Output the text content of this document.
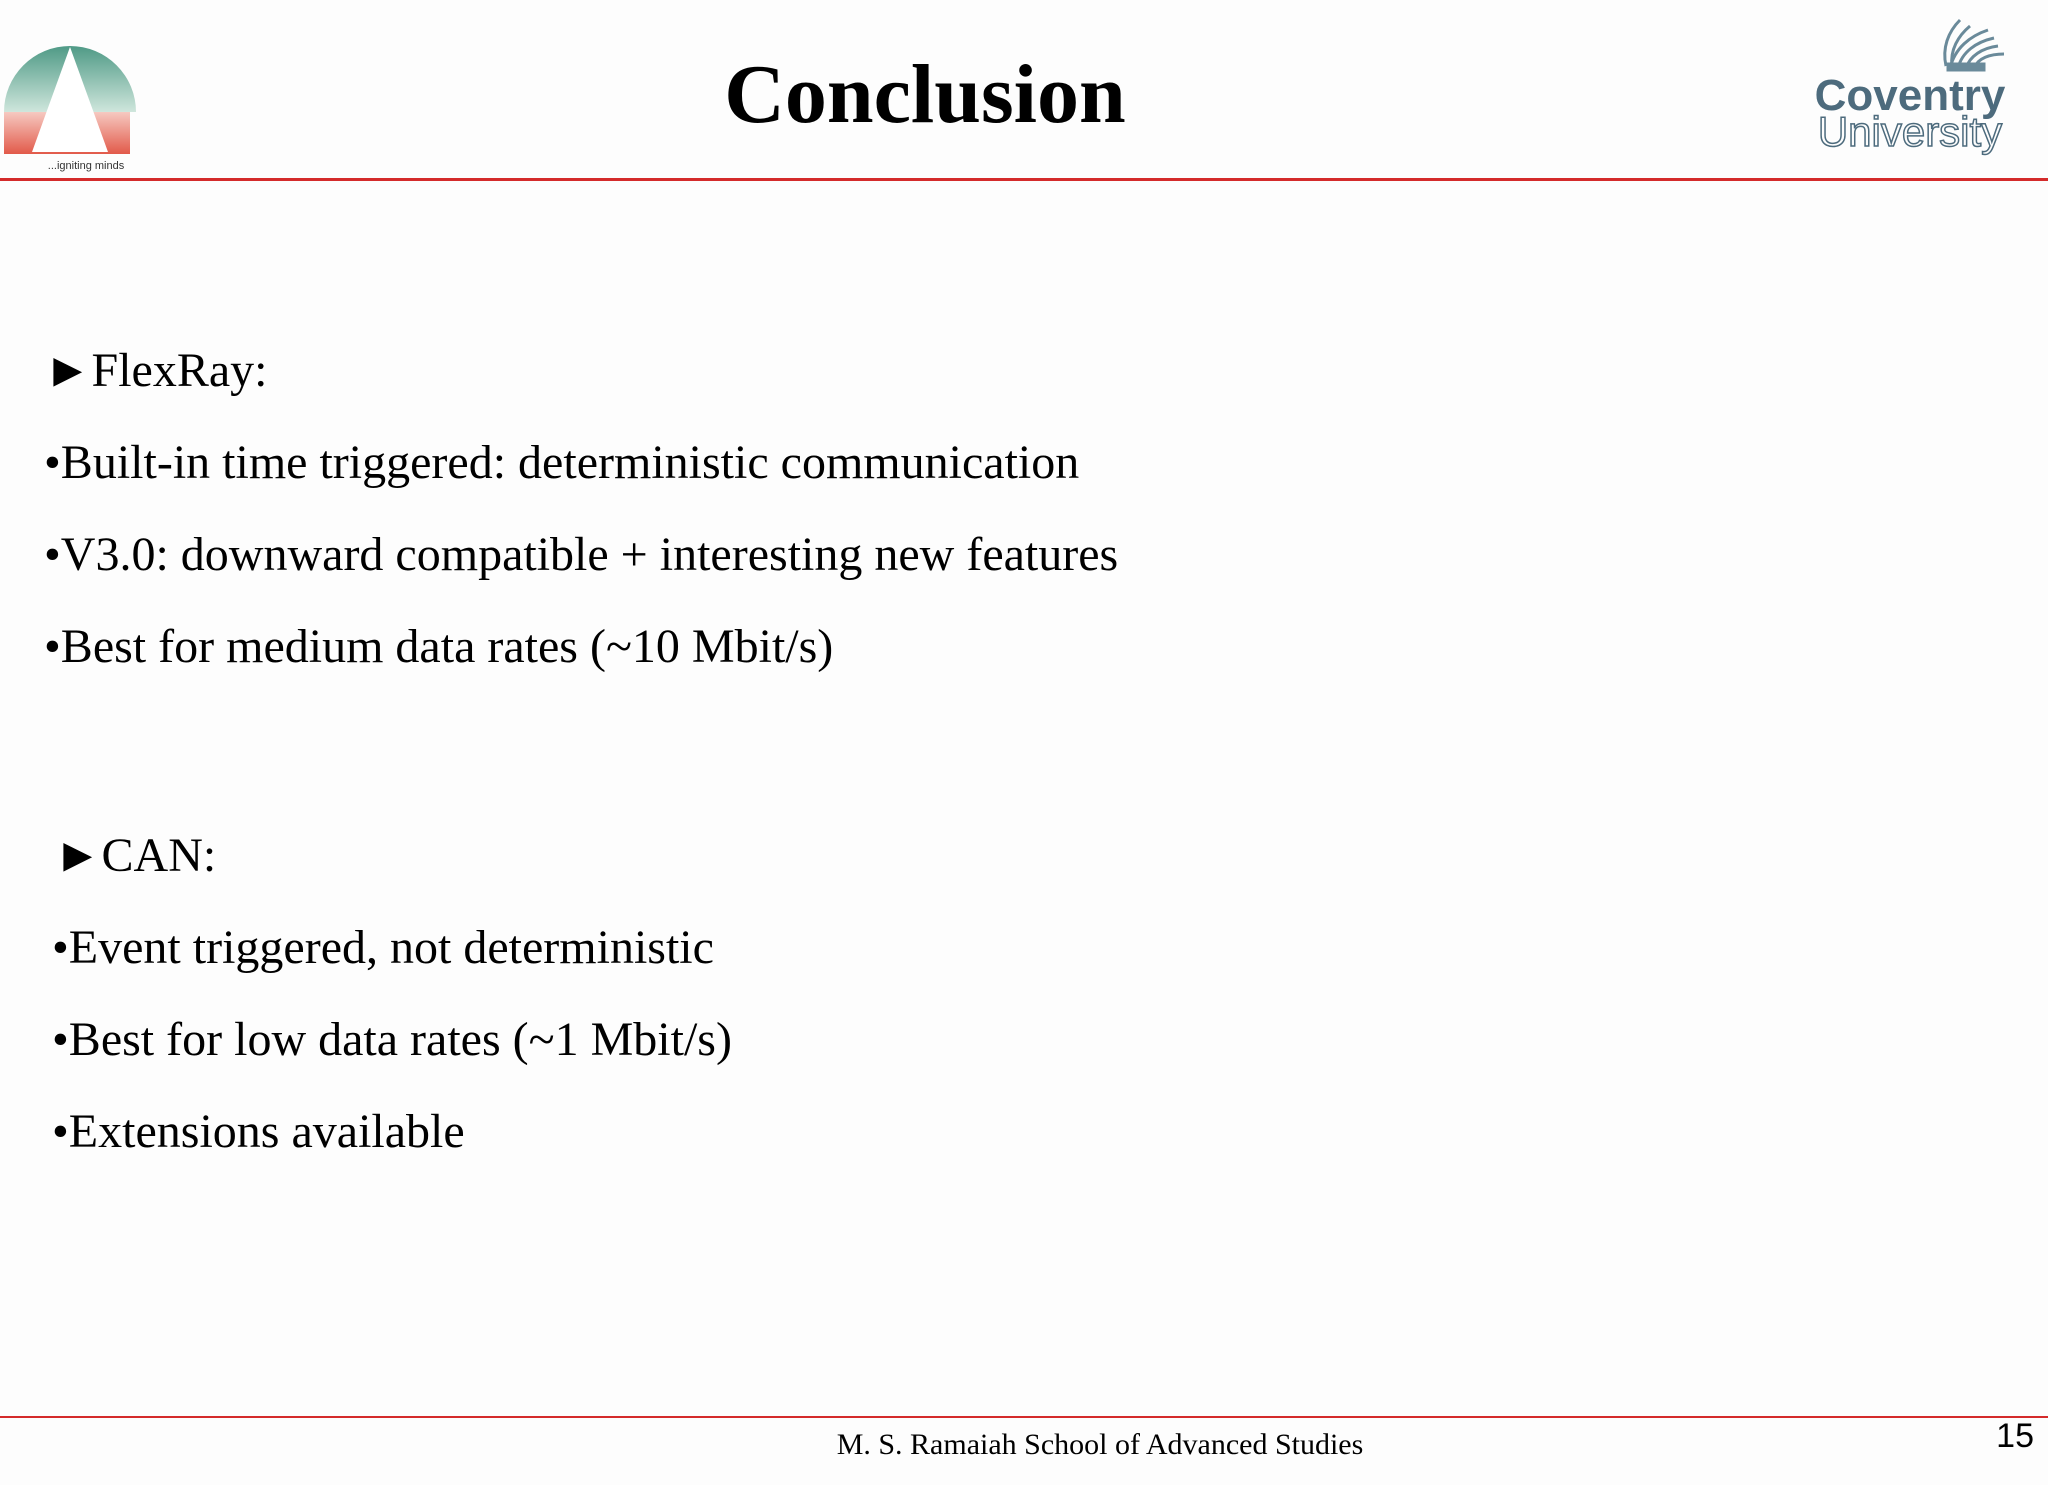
...igniting minds
Conclusion	Coventry
University
►FlexRay:
•Built-in time triggered: deterministic communication
•V3.0: downward compatible + interesting new features
•Best for medium data rates (~10 Mbit/s)
►CAN:
•Event triggered, not deterministic
•Best for low data rates (~1 Mbit/s)
•Extensions available
M. S. Ramaiah School of Advanced Studies	15
